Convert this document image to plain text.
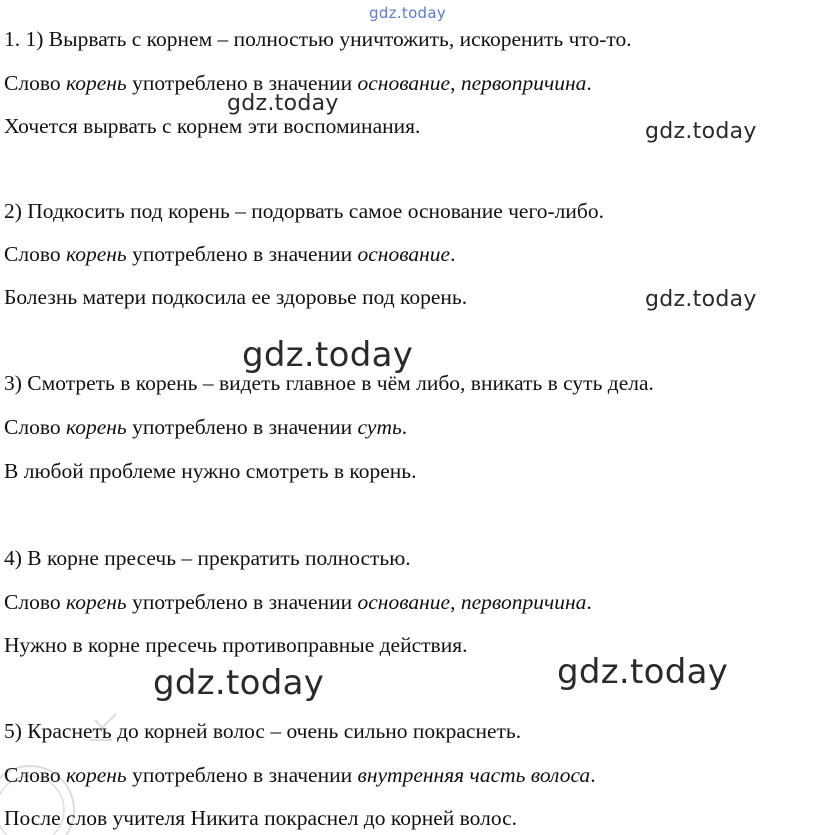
gdz.today
gdz.today
gdz.today
gdz.today
gdz.today
gdz.today
gdz.today
1. 1) Вырвать с корнем – полностью уничтожить, искоренить что-то.
Слово корень употреблено в значении основание, первопричина.
Хочется вырвать с корнем эти воспоминания.
2) Подкосить под корень – подорвать самое основание чего-либо.
Слово корень употреблено в значении основание.
Болезнь матери подкосила ее здоровье под корень.
3) Смотреть в корень – видеть главное в чём либо, вникать в суть дела.
Слово корень употреблено в значении суть.
В любой проблеме нужно смотреть в корень.
4) В корне пресечь – прекратить полностью.
Слово корень употреблено в значении основание, первопричина.
Нужно в корне пресечь противоправные действия.
5) Краснеть до корней волос – очень сильно покраснеть.
Слово корень употреблено в значении внутренняя часть волоса.
После слов учителя Никита покраснел до корней волос.
